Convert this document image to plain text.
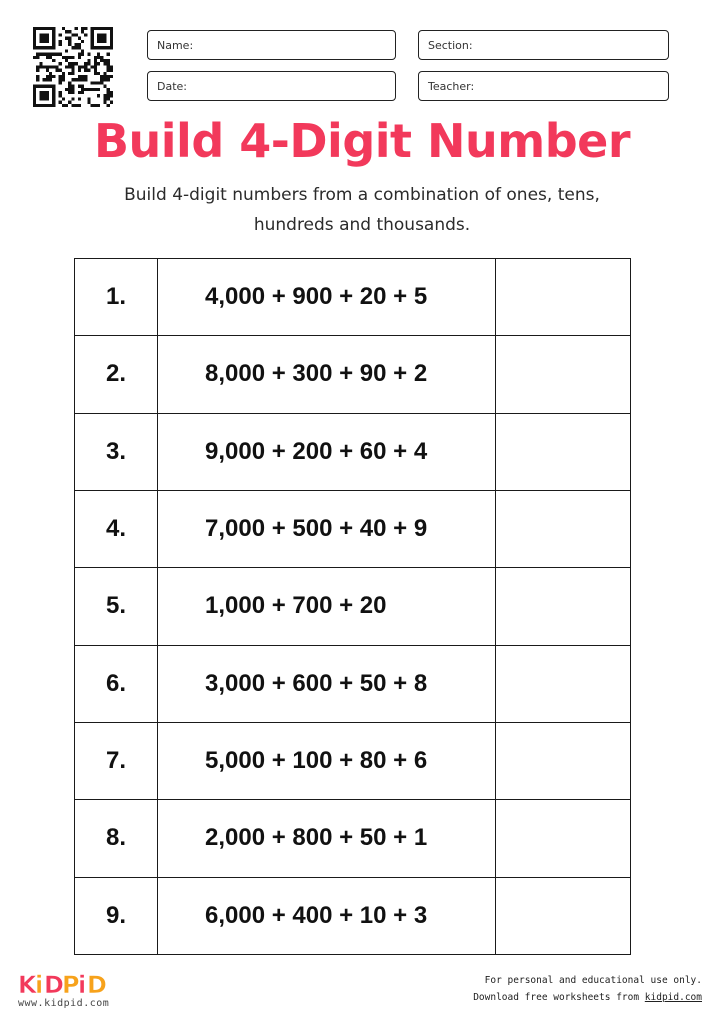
Name:	Section:
Date:	Teacher:
Build 4-Digit Number
Build 4-digit numbers from a combination of ones, tens,
hundreds and thousands.
1.	4,000 + 900 + 20 + 5	
2.	8,000 + 300 + 90 + 2	
3.	9,000 + 200 + 60 + 4	
4.	7,000 + 500 + 40 + 9	
5.	1,000 + 700 + 20	
6.	3,000 + 600 + 50 + 8	
7.	5,000 + 100 + 80 + 6	
8.	2,000 + 800 + 50 + 1	
9.	6,000 + 400 + 10 + 3	
K
i D
P
i D
www.kidpid.com
For personal and educational use only.
Download free worksheets from kidpid.com
